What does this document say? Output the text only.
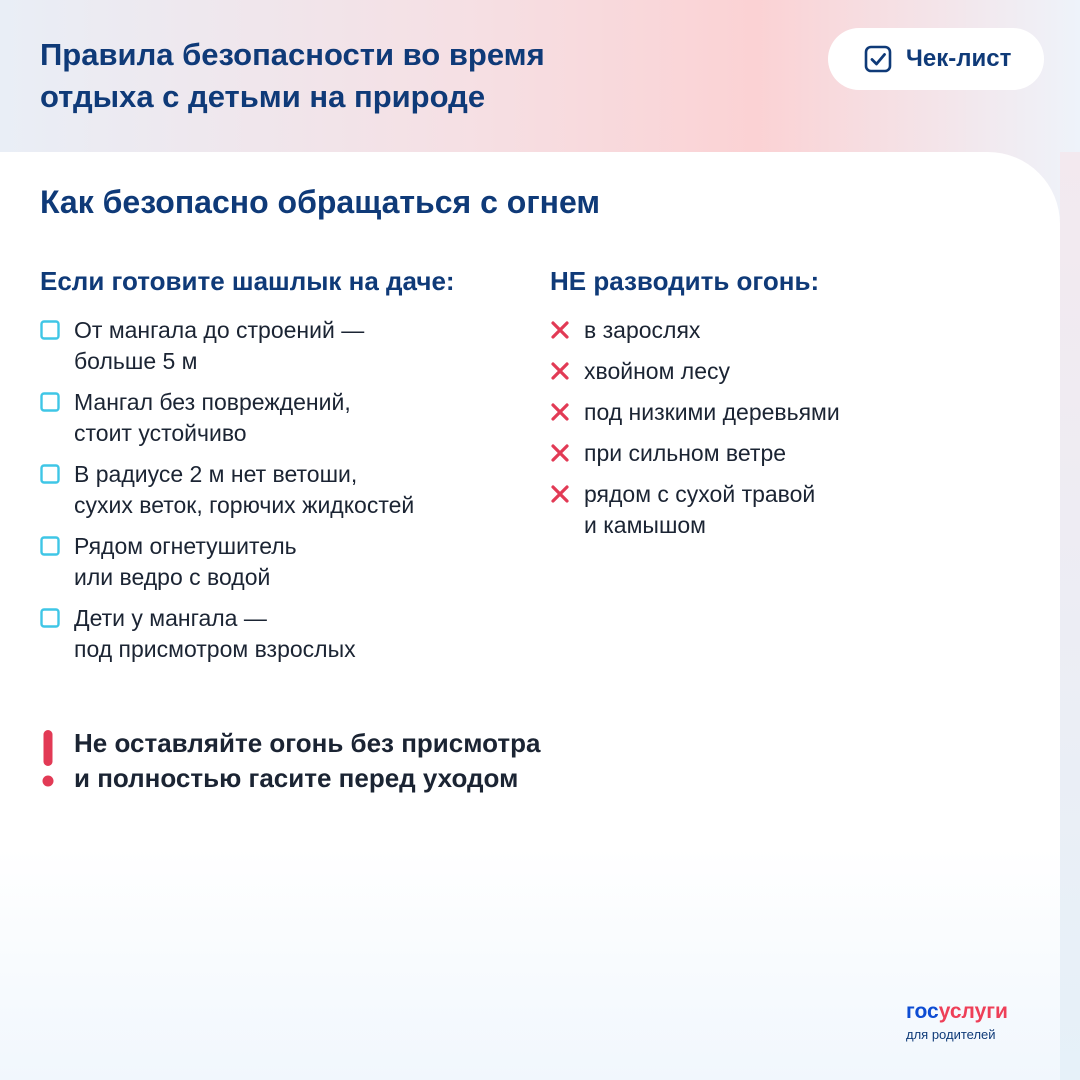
Правила безопасности во время отдыха с детьми на природе
Чек-лист
Как безопасно обращаться с огнем
Если готовите шашлык на даче:	НЕ разводить огонь:
От мангала до строений —
больше 5 м
Мангал без повреждений,
стоит устойчиво
В радиусе 2 м нет ветоши,
сухих веток, горючих жидкостей
Рядом огнетушитель
или ведро с водой
Дети у мангала —
под присмотром взрослых
в зарослях
хвойном лесу
под низкими деревьями
при сильном ветре
рядом с сухой травой
и камышом

Не оставляйте огонь без присмотра
и полностью гасите перед уходом

госуслуги
для родителей
